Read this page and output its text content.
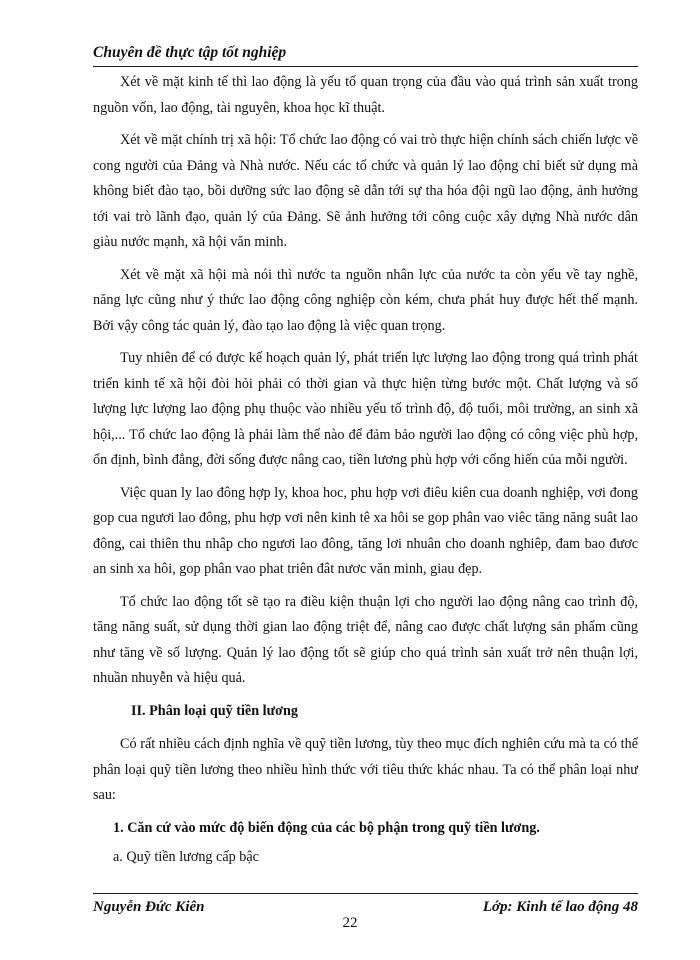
Chuyên đề thực tập tốt nghiệp

Xét về mặt kinh tế thì lao động là yếu tố quan trọng của đầu vào quá trình sản xuất trong nguồn vốn, lao động, tài nguyên, khoa học kĩ thuật.

Xét về mặt chính trị xã hội: Tổ chức lao động có vai trò thực hiện chính sách chiến lược về cong người của Đảng và Nhà nước. Nếu các tổ chức và quản lý lao động chỉ biết sử dụng mà không biết đào tạo, bồi dưỡng sức lao động sẽ dẫn tới sự tha hóa đội ngũ lao động, ảnh hưởng tới vai trò lãnh đạo, quản lý của Đảng. Sẽ ảnh hưởng tới công cuộc xây dựng Nhà nước dân giàu nước mạnh, xã hội văn minh.

Xét về mặt xã hội mà nói thì nước ta nguồn nhân lực của nước ta còn yếu về tay nghề, năng lực cũng như ý thức lao động công nghiệp còn kém, chưa phát huy được hết thế mạnh. Bởi vậy công tác quản lý, đào tạo lao động là việc quan trọng.

Tuy nhiên để có được kế hoạch quản lý, phát triển lực lượng lao động trong quá trình phát triển kinh tế xã hội đòi hỏi phải có thời gian và thực hiện từng bước một. Chất lượng và số lượng lực lượng lao động phụ thuộc vào nhiều yếu tố trình độ, độ tuổi, môi trường, an sinh xã hội,... Tổ chức lao động là phải làm thế nào để đảm bảo người lao động có công việc phù hợp, ổn định, bình đẳng, đời sống được nâng cao, tiền lương phù hợp với cống hiến của mỗi người.

Việc quan ly lao đông hợp ly, khoa hoc, phu hợp vơi điêu kiên cua doanh nghiệp, vơi đong gop cua ngươi lao đông, phu hợp vơi nên kinh tê xa hôi se gop phân vao viêc tăng năng suât lao đông, cai thiên thu nhâp cho ngươi lao đông, tăng lơi nhuân cho doanh nghiêp, đam bao đươc an sinh xa hôi, gop phân vao phat triên đât nươc văn minh, giau đẹp.

Tổ chức lao động tốt sẽ tạo ra điều kiện thuận lợi cho người lao động nâng cao trình độ, tăng năng suất, sử dụng thời gian lao động triệt để, nâng cao được chất lượng sản phẩm cũng như tăng về số lượng. Quản lý lao động tốt sẽ giúp cho quá trình sản xuất trở nên thuận lợi, nhuần nhuyễn và hiệu quả.

II. Phân loại quỹ tiền lương

Có rất nhiều cách định nghĩa về quỹ tiền lương, tùy theo mục đích nghiên cứu mà ta có thể phân loại quỹ tiền lương theo nhiều hình thức với tiêu thức khác nhau. Ta có thể phân loại như sau:

1. Căn cứ vào mức độ biến động của các bộ phận trong quỹ tiền lương.
a. Quỹ tiền lương cấp bậc
Nguyễn Đức Kiên	Lớp: Kinh tế lao động 48
22
